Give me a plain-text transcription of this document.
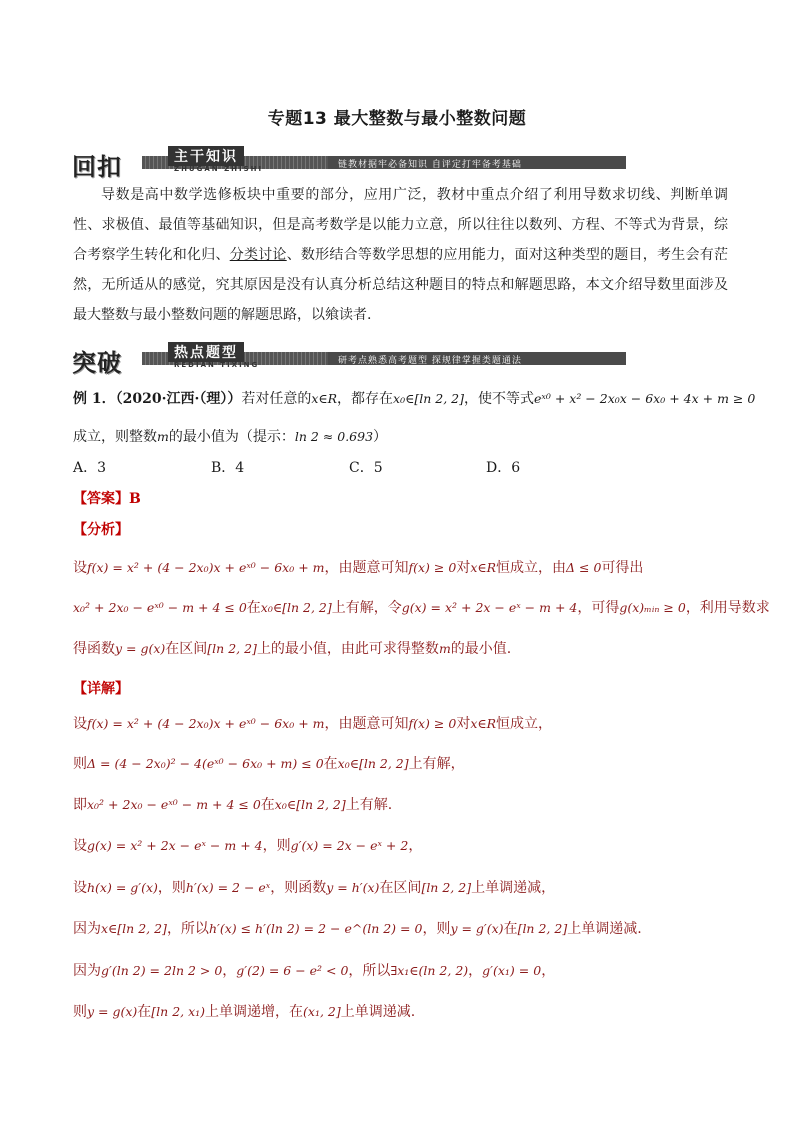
专题13 最大整数与最小整数问题
回扣	主干知识
ZHUGAN ZHISHI	链教材据牢必备知识 自评定打牢备考基础
导数是高中数学选修板块中重要的部分，应用广泛，教材中重点介绍了利用导数求切线、判断单调性、求极值、最值等基础知识，但是高考数学是以能力立意，所以往往以数列、方程、不等式为背景，综合考察学生转化和化归、分类讨论、数形结合等数学思想的应用能力，面对这种类型的题目，考生会有茫然，无所适从的感觉，究其原因是没有认真分析总结这种题目的特点和解题思路，本文介绍导数里面涉及最大整数与最小整数问题的解题思路，以飨读者.
突破	热点题型
REDIAN TIXING	研考点熟悉高考题型 探规律掌握类题通法
例 1．（2020·江西·（理））若对任意的x∈R，都存在x₀∈[ln 2, 2]，使不等式eˣ⁰ + x² − 2x₀x − 6x₀ + 4x + m ≥ 0
成立，则整数m的最小值为（提示：ln 2 ≈ 0.693）
A．3	B．4	C．5	D．6
【答案】B
【分析】
设f(x) = x² + (4 − 2x₀)x + eˣ⁰ − 6x₀ + m，由题意可知f(x) ≥ 0对x∈R恒成立，由Δ ≤ 0可得出
x₀² + 2x₀ − eˣ⁰ − m + 4 ≤ 0在x₀∈[ln 2, 2]上有解，令g(x) = x² + 2x − eˣ − m + 4，可得g(x)ₘᵢₙ ≥ 0，利用导数求
得函数y = g(x)在区间[ln 2, 2]上的最小值，由此可求得整数m的最小值.
【详解】
设f(x) = x² + (4 − 2x₀)x + eˣ⁰ − 6x₀ + m，由题意可知f(x) ≥ 0对x∈R恒成立，
则Δ = (4 − 2x₀)² − 4(eˣ⁰ − 6x₀ + m) ≤ 0在x₀∈[ln 2, 2]上有解，
即x₀² + 2x₀ − eˣ⁰ − m + 4 ≤ 0在x₀∈[ln 2, 2]上有解.
设g(x) = x² + 2x − eˣ − m + 4，则g′(x) = 2x − eˣ + 2，
设h(x) = g′(x)，则h′(x) = 2 − eˣ，则函数y = h′(x)在区间[ln 2, 2]上单调递减，
因为x∈[ln 2, 2]，所以h′(x) ≤ h′(ln 2) = 2 − e^(ln 2) = 0，则y = g′(x)在[ln 2, 2]上单调递减.
因为g′(ln 2) = 2ln 2 > 0，g′(2) = 6 − e² < 0，所以∃x₁∈(ln 2, 2)，g′(x₁) = 0，
则y = g(x)在[ln 2, x₁)上单调递增，在(x₁, 2]上单调递减.
